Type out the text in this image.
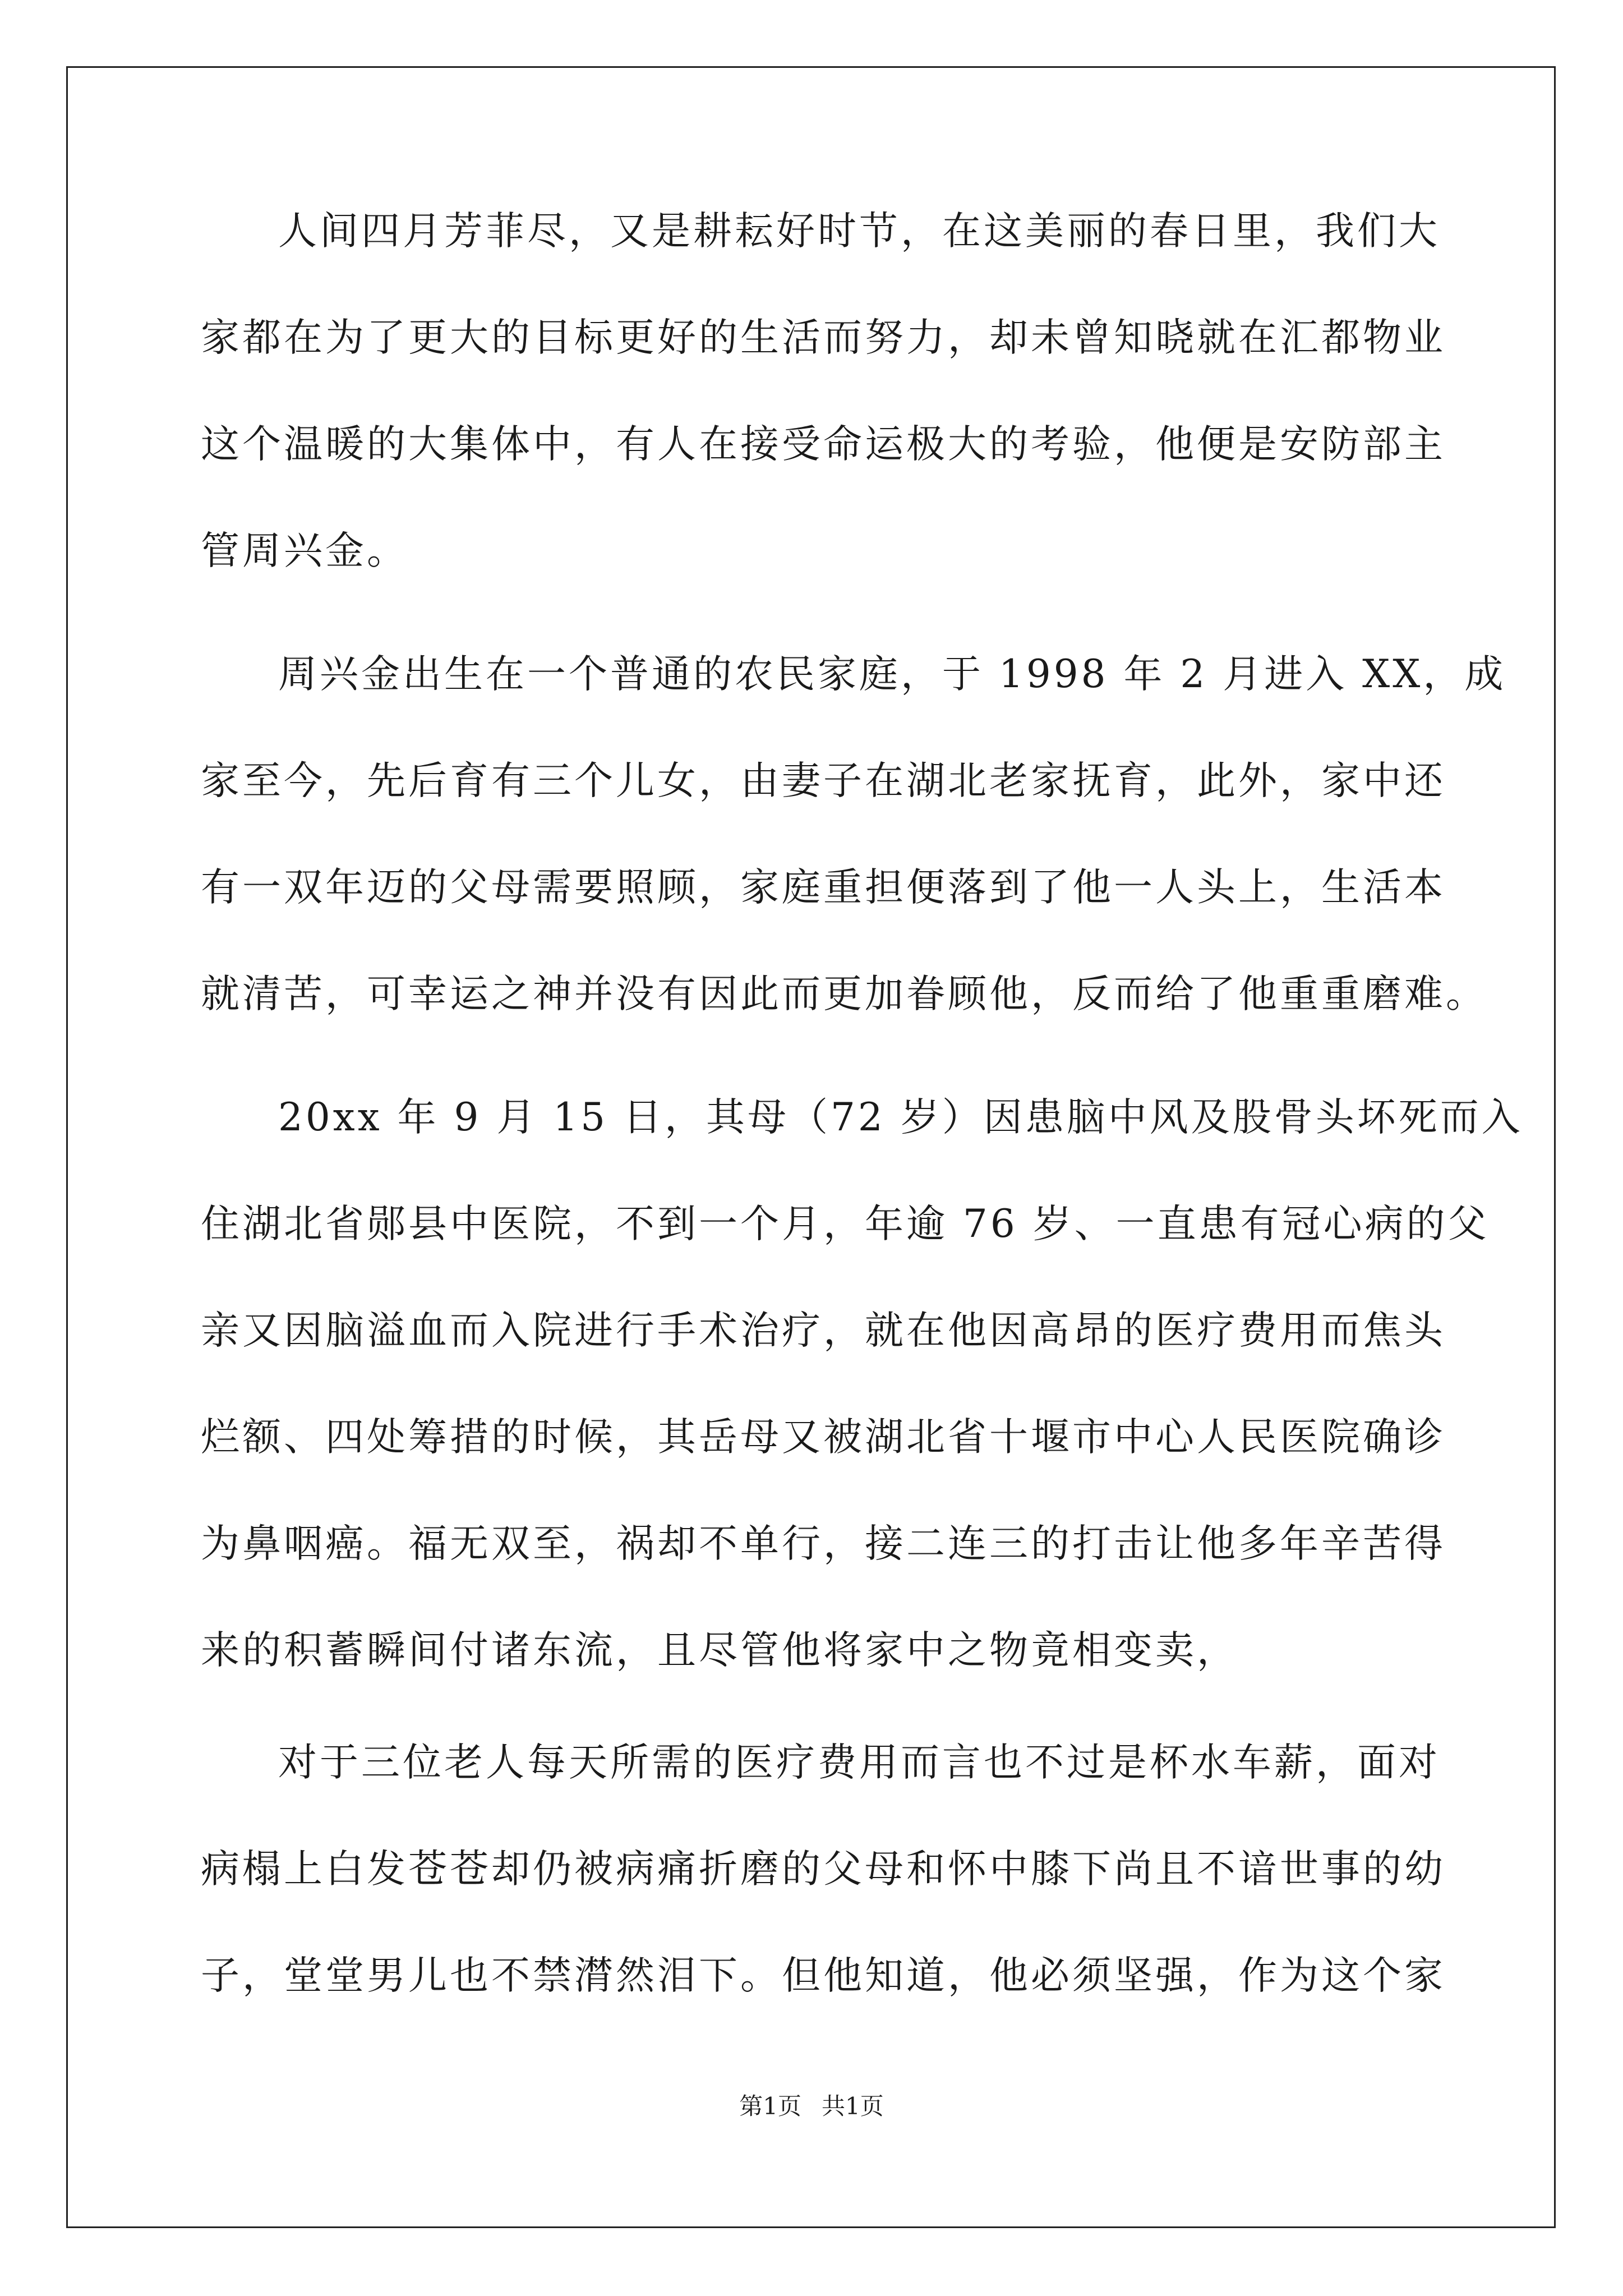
人间四月芳菲尽，又是耕耘好时节，在这美丽的春日里，我们大
家都在为了更大的目标更好的生活而努力，却未曾知晓就在汇都物业
这个温暖的大集体中，有人在接受命运极大的考验，他便是安防部主
管周兴金。
周兴金出生在一个普通的农民家庭，于 1998 年 2 月进入 XX，成
家至今，先后育有三个儿女，由妻子在湖北老家抚育，此外，家中还
有一双年迈的父母需要照顾，家庭重担便落到了他一人头上，生活本
就清苦，可幸运之神并没有因此而更加眷顾他，反而给了他重重磨难。
20xx 年 9 月 15 日，其母（72 岁）因患脑中风及股骨头坏死而入
住湖北省郧县中医院，不到一个月，年逾 76 岁、一直患有冠心病的父
亲又因脑溢血而入院进行手术治疗，就在他因高昂的医疗费用而焦头
烂额、四处筹措的时候，其岳母又被湖北省十堰市中心人民医院确诊
为鼻咽癌。福无双至，祸却不单行，接二连三的打击让他多年辛苦得
来的积蓄瞬间付诸东流，且尽管他将家中之物竟相变卖，
对于三位老人每天所需的医疗费用而言也不过是杯水车薪，面对
病榻上白发苍苍却仍被病痛折磨的父母和怀中膝下尚且不谙世事的幼
子，堂堂男儿也不禁潸然泪下。但他知道，他必须坚强，作为这个家
第1页 共1页
